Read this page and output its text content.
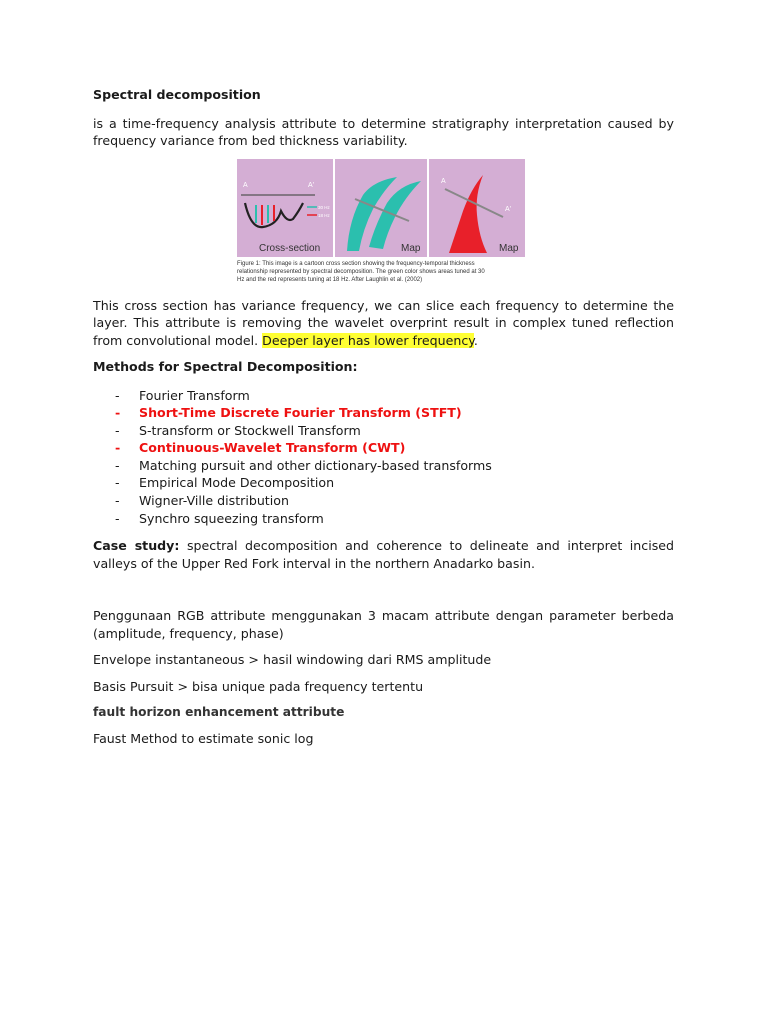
Spectral decomposition

is a time-frequency analysis attribute to determine stratigraphy interpretation caused by frequency variance from bed thickness variability.

A	A'
30 Hz
18 Hz
Cross-section	Map
A
A'
Map
Figure 1: This image is a cartoon cross section showing the frequency-temporal thickness
relationship represented by spectral decomposition. The green color shows areas tuned at 30
Hz and the red represents tuning at 18 Hz. After Laughlin et al. (2002)

This cross section has variance frequency, we can slice each frequency to determine the layer. This attribute is removing the wavelet overprint result in complex tuned reflection from convolutional model. Deeper layer has lower frequency.

Methods for Spectral Decomposition:

- Fourier Transform
- Short-Time Discrete Fourier Transform (STFT)
- S-transform or Stockwell Transform
- Continuous-Wavelet Transform (CWT)
- Matching pursuit and other dictionary-based transforms
- Empirical Mode Decomposition
- Wigner-Ville distribution
- Synchro squeezing transform

Case study: spectral decomposition and coherence to delineate and interpret incised valleys of the Upper Red Fork interval in the northern Anadarko basin.

Penggunaan RGB attribute menggunakan 3 macam attribute dengan parameter berbeda (amplitude, frequency, phase)

Envelope instantaneous > hasil windowing dari RMS amplitude

Basis Pursuit > bisa unique pada frequency tertentu

fault horizon enhancement attribute

Faust Method to estimate sonic log
